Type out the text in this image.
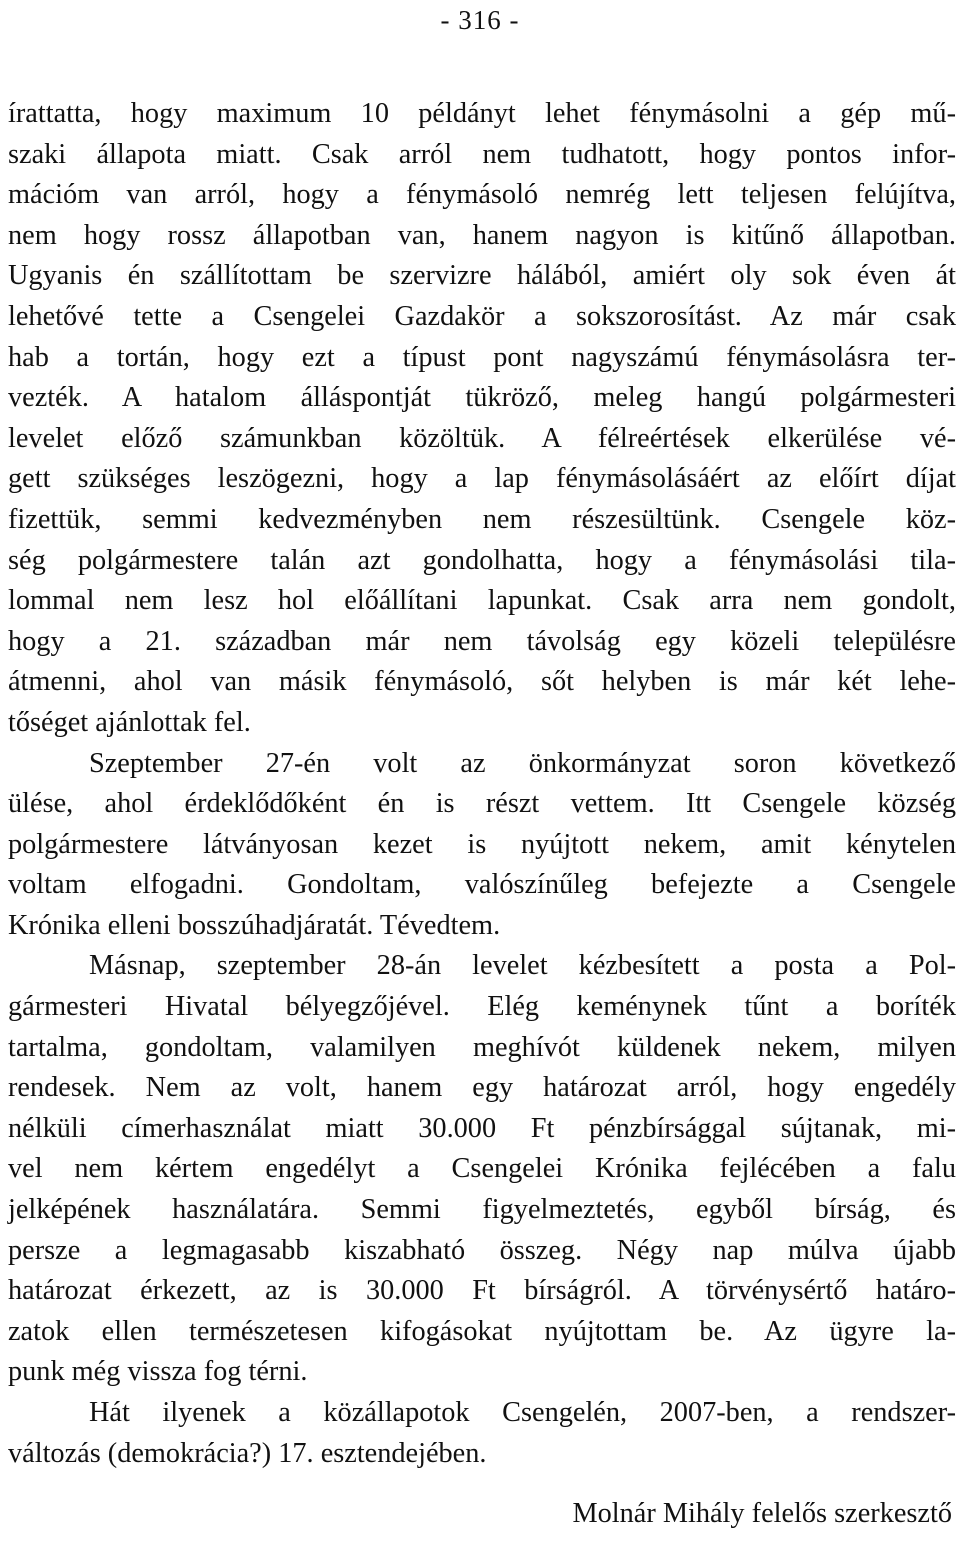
- 316 -
írattatta, hogy maximum 10 példányt lehet fénymásolni a gép mű-
szaki állapota miatt. Csak arról nem tudhatott, hogy pontos infor-
mációm van arról, hogy a fénymásoló nemrég lett teljesen felújítva,
nem hogy rossz állapotban van, hanem nagyon is kitűnő állapotban.
Ugyanis én szállítottam be szervizre hálából, amiért oly sok éven át
lehetővé tette a Csengelei Gazdakör a sokszorosítást. Az már csak
hab a tortán, hogy ezt a típust pont nagyszámú fénymásolásra ter-
vezték. A hatalom álláspontját tükröző, meleg hangú polgármesteri
levelet előző számunkban közöltük. A félreértések elkerülése vé-
gett szükséges leszögezni, hogy a lap fénymásolásáért az előírt díjat
fizettük, semmi kedvezményben nem részesültünk. Csengele köz-
ség polgármestere talán azt gondolhatta, hogy a fénymásolási tila-
lommal nem lesz hol előállítani lapunkat. Csak arra nem gondolt,
hogy a 21. században már nem távolság egy közeli településre
átmenni, ahol van másik fénymásoló, sőt helyben is már két lehe-
tőséget ajánlottak fel.
Szeptember 27-én volt az önkormányzat soron következő
ülése, ahol érdeklődőként én is részt vettem. Itt Csengele község
polgármestere látványosan kezet is nyújtott nekem, amit kénytelen
voltam elfogadni. Gondoltam, valószínűleg befejezte a Csengele
Krónika elleni bosszúhadjáratát. Tévedtem.
Másnap, szeptember 28-án levelet kézbesített a posta a Pol-
gármesteri Hivatal bélyegzőjével. Elég keménynek tűnt a boríték
tartalma, gondoltam, valamilyen meghívót küldenek nekem, milyen
rendesek. Nem az volt, hanem egy határozat arról, hogy engedély
nélküli címerhasználat miatt 30.000 Ft pénzbírsággal sújtanak, mi-
vel nem kértem engedélyt a Csengelei Krónika fejlécében a falu
jelképének használatára. Semmi figyelmeztetés, egyből bírság, és
persze a legmagasabb kiszabható összeg. Négy nap múlva újabb
határozat érkezett, az is 30.000 Ft bírságról. A törvénysértő határo-
zatok ellen természetesen kifogásokat nyújtottam be. Az ügyre la-
punk még vissza fog térni.
Hát ilyenek a közállapotok Csengelén, 2007-ben, a rendszer-
változás (demokrácia?) 17. esztendejében.
Molnár Mihály felelős szerkesztő
